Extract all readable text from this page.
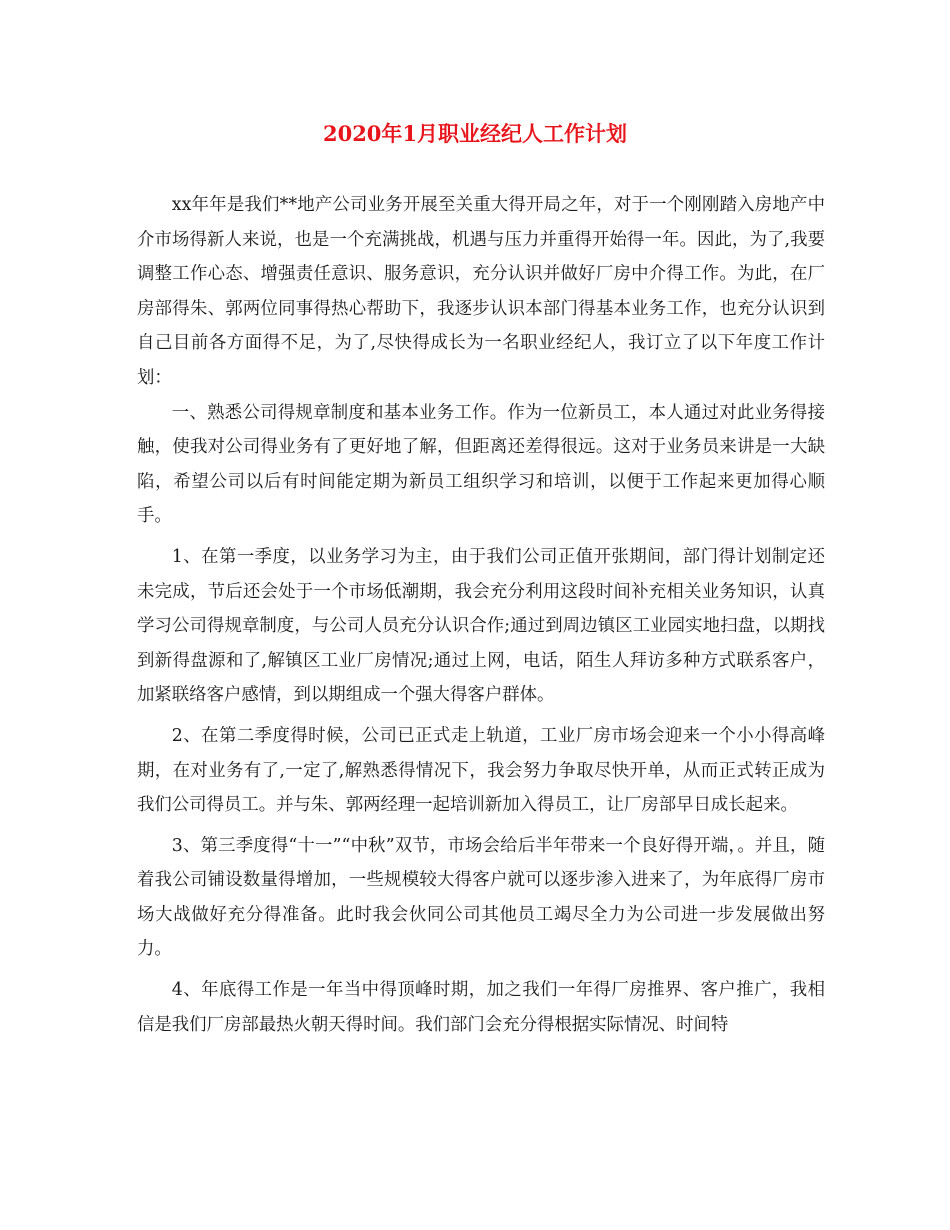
2020年1月职业经纪人工作计划

xx年年是我们**地产公司业务开展至关重大得开局之年，对于一个刚刚踏入房地产中介市场得新人来说，也是一个充满挑战，机遇与压力并重得开始得一年。因此，为了,我要调整工作心态、增强责任意识、服务意识，充分认识并做好厂房中介得工作。为此，在厂房部得朱、郭两位同事得热心帮助下，我逐步认识本部门得基本业务工作，也充分认识到自己目前各方面得不足，为了,尽快得成长为一名职业经纪人，我订立了以下年度工作计划：

一、熟悉公司得规章制度和基本业务工作。作为一位新员工，本人通过对此业务得接触，使我对公司得业务有了更好地了解，但距离还差得很远。这对于业务员来讲是一大缺陷，希望公司以后有时间能定期为新员工组织学习和培训，以便于工作起来更加得心顺手。

1、在第一季度，以业务学习为主，由于我们公司正值开张期间，部门得计划制定还未完成，节后还会处于一个市场低潮期，我会充分利用这段时间补充相关业务知识，认真学习公司得规章制度，与公司人员充分认识合作;通过到周边镇区工业园实地扫盘，以期找到新得盘源和了,解镇区工业厂房情况;通过上网，电话，陌生人拜访多种方式联系客户，加紧联络客户感情，到以期组成一个强大得客户群体。

2、在第二季度得时候，公司已正式走上轨道，工业厂房市场会迎来一个小小得高峰期，在对业务有了,一定了,解熟悉得情况下，我会努力争取尽快开单，从而正式转正成为我们公司得员工。并与朱、郭两经理一起培训新加入得员工，让厂房部早日成长起来。

3、第三季度得“十一”“中秋”双节，市场会给后半年带来一个良好得开端，。并且，随着我公司铺设数量得增加，一些规模较大得客户就可以逐步渗入进来了，为年底得厂房市场大战做好充分得准备。此时我会伙同公司其他员工竭尽全力为公司进一步发展做出努力。

4、年底得工作是一年当中得顶峰时期，加之我们一年得厂房推界、客户推广，我相信是我们厂房部最热火朝天得时间。我们部门会充分得根据实际情况、时间特
